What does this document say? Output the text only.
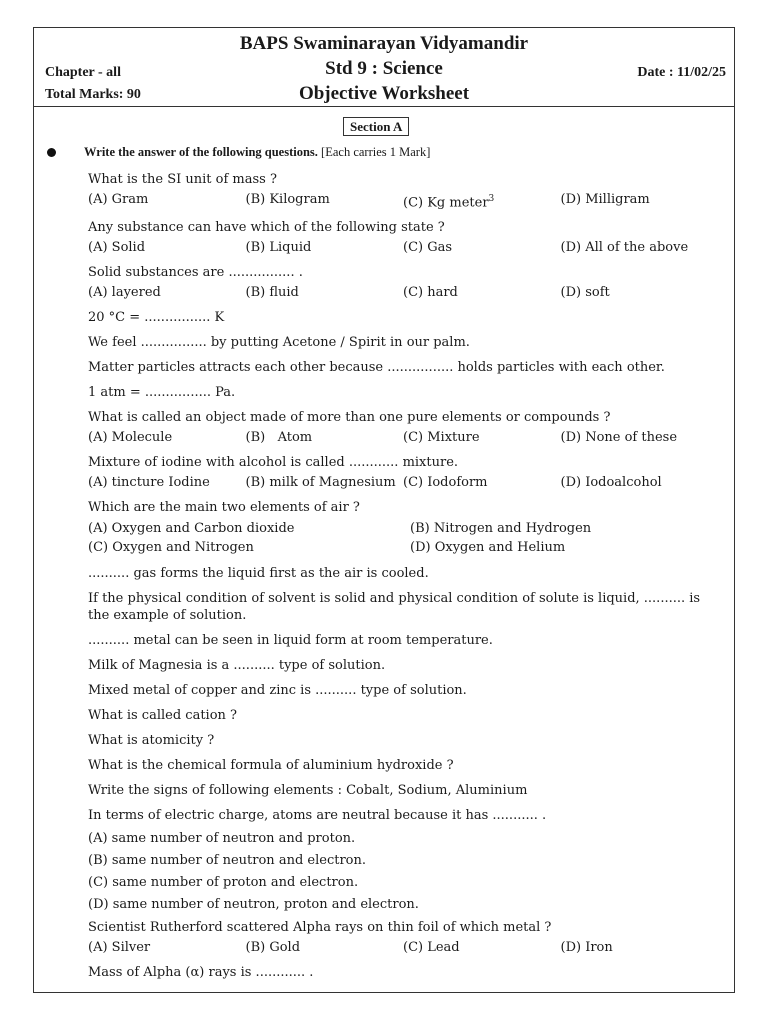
BAPS Swaminarayan Vidyamandir
Std 9 : Science
Objective Worksheet
Chapter - all
Total Marks: 90
Date : 11/02/25
Section A
Write the answer of the following questions. [Each carries 1 Mark]
What is the SI unit of mass ?
(A) Gram	(B) Kilogram	(C) Kg meter$^3$	(D) Milligram
Any substance can have which of the following state ?
(A) Solid	(B) Liquid	(C) Gas	(D) All of the above
Solid substances are ................ .
(A) layered	(B) fluid	(C) hard	(D) soft
20 °C = ................ K
We feel ................ by putting Acetone / Spirit in our palm.
Matter particles attracts each other because ................ holds particles with each other.
1 atm = ................ Pa.
What is called an object made of more than one pure elements or compounds ?
(A) Molecule	(B)   Atom	(C) Mixture	(D) None of these
Mixture of iodine with alcohol is called ............ mixture.
(A) tincture Iodine	(B) milk of Magnesium (C) Iodoform	(D) Iodoalcohol
Which are the main two elements of air ?
(A) Oxygen and Carbon dioxide	(B) Nitrogen and Hydrogen
(C) Oxygen and Nitrogen	(D) Oxygen and Helium
.......... gas forms the liquid first as the air is cooled.
If the physical condition of solvent is solid and physical condition of solute is liquid, .......... is the example of solution.
.......... metal can be seen in liquid form at room temperature.
Milk of Magnesia is a .......... type of solution.
Mixed metal of copper and zinc is .......... type of solution.
What is called cation ?
What is atomicity ?
What is the chemical formula of aluminium hydroxide ?
Write the signs of following elements : Cobalt, Sodium, Aluminium
In terms of electric charge, atoms are neutral because it has ........... .
(A) same number of neutron and proton.
(B) same number of neutron and electron.
(C) same number of proton and electron.
(D) same number of neutron, proton and electron.
Scientist Rutherford scattered Alpha rays on thin foil of which metal ?
(A) Silver	(B) Gold	(C) Lead	(D) Iron
Mass of Alpha (α) rays is ............ .
